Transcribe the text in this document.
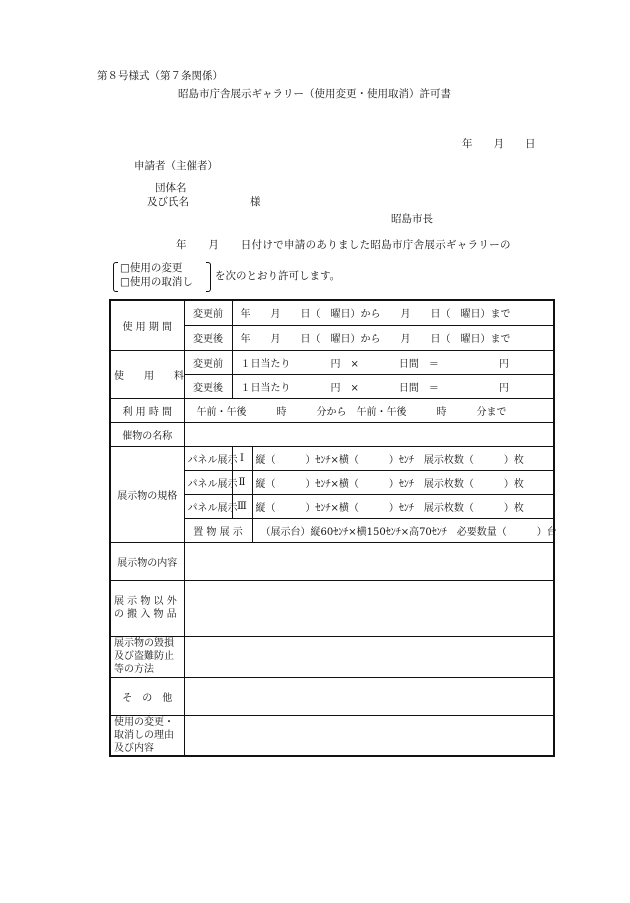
第８号様式（第７条関係）
昭島市庁舎展示ギャラリー（使用変更・使用取消）許可書
年　　月　　日
申請者（主催者）
団体名
及び氏名	様
昭島市長
年　　月　　日付けで申請のありました昭島市庁舎展示ギャラリーの
□使用の変更
□使用の取消し を次のとおり許可します。
使 用 期 間	変更前	年　　月　　日（　曜日）から　　月　　日（　曜日）まで	
	変更後	年　　月　　日（　曜日）から　　月　　日（　曜日）まで	
使　　用　　料	変更前	１日当たり　　　　円　×　　　　日間　＝　　　　　　円	
	変更後	１日当たり　　　　円　×　　　　日間　＝　　　　　　円	
利 用 時 間	午前・午後　　　時　　　分から　午前・午後　　　時　　　分まで		
催物の名称			
展示物の規格	パネル展示	Ⅰ	縦（　　　）ｾﾝﾁ×横（　　　）ｾﾝﾁ　展示枚数（　　　）枚
	パネル展示	Ⅱ	縦（　　　）ｾﾝﾁ×横（　　　）ｾﾝﾁ　展示枚数（　　　）枚
	パネル展示	Ⅲ	縦（　　　）ｾﾝﾁ×横（　　　）ｾﾝﾁ　展示枚数（　　　）枚
	置 物 展 示		（展示台）縦60ｾﾝﾁ×横150ｾﾝﾁ×高70ｾﾝﾁ　必要数量（　　　）台
展示物の内容			

展 示 物 以 外
の 搬 入 物 品			

展示物の毀損
及び盗難防止
等の方法			

そ　の　他			

使用の変更・
取消しの理由
及び内容			
